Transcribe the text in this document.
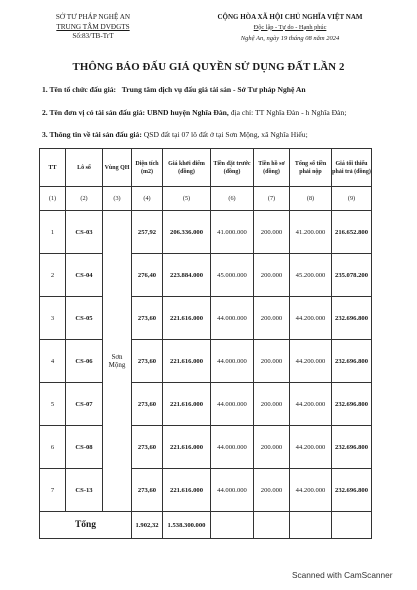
SỞ TƯ PHÁP NGHỆ AN
TRUNG TÂM DVĐGTS
Số:83/TB-TrT
CỘNG HÒA XÃ HỘI CHỦ NGHĨA VIỆT NAM
Độc lập - Tự do - Hạnh phúc
Nghệ An, ngày 19 tháng 08 năm 2024
THÔNG BÁO ĐẤU GIÁ QUYỀN SỬ DỤNG ĐẤT LẦN 2
1. Tên tổ chức đấu giá: Trung tâm dịch vụ đấu giá tài sản - Sở Tư pháp Nghệ An
2. Tên đơn vị có tài sản đấu giá: UBND huyện Nghĩa Đàn, địa chỉ: TT Nghĩa Đàn - h Nghĩa Đàn;
3. Thông tin về tài sản đấu giá: QSD đất tại 07 lô đất ở tại Sơn Mộng, xã Nghĩa Hiếu;
TT	Lô số	Vùng QH	Diện tích (m2)	Giá khởi điểm (đồng)	Tiền đặt trước (đồng)	Tiền hồ sơ (đồng)	Tổng số tiền phải nộp	Giá tối thiểu phải trả (đồng)
(1)	(2)	(3)	(4)	(5)	(6)	(7)	(8)	(9)
1	CS-03	Sơn Mộng	257,92	206.336.000	41.000.000	200.000	41.200.000	216.652.800
2	CS-04		276,40	223.884.000	45.000.000	200.000	45.200.000	235.078.200
3	CS-05		273,60	221.616.000	44.000.000	200.000	44.200.000	232.696.800
4	CS-06		273,60	221.616.000	44.000.000	200.000	44.200.000	232.696.800
5	CS-07		273,60	221.616.000	44.000.000	200.000	44.200.000	232.696.800
6	CS-08		273,60	221.616.000	44.000.000	200.000	44.200.000	232.696.800
7	CS-13		273,60	221.616.000	44.000.000	200.000	44.200.000	232.696.800
Tổng			1.902,32	1.538.300.000				
Scanned with CamScanner
